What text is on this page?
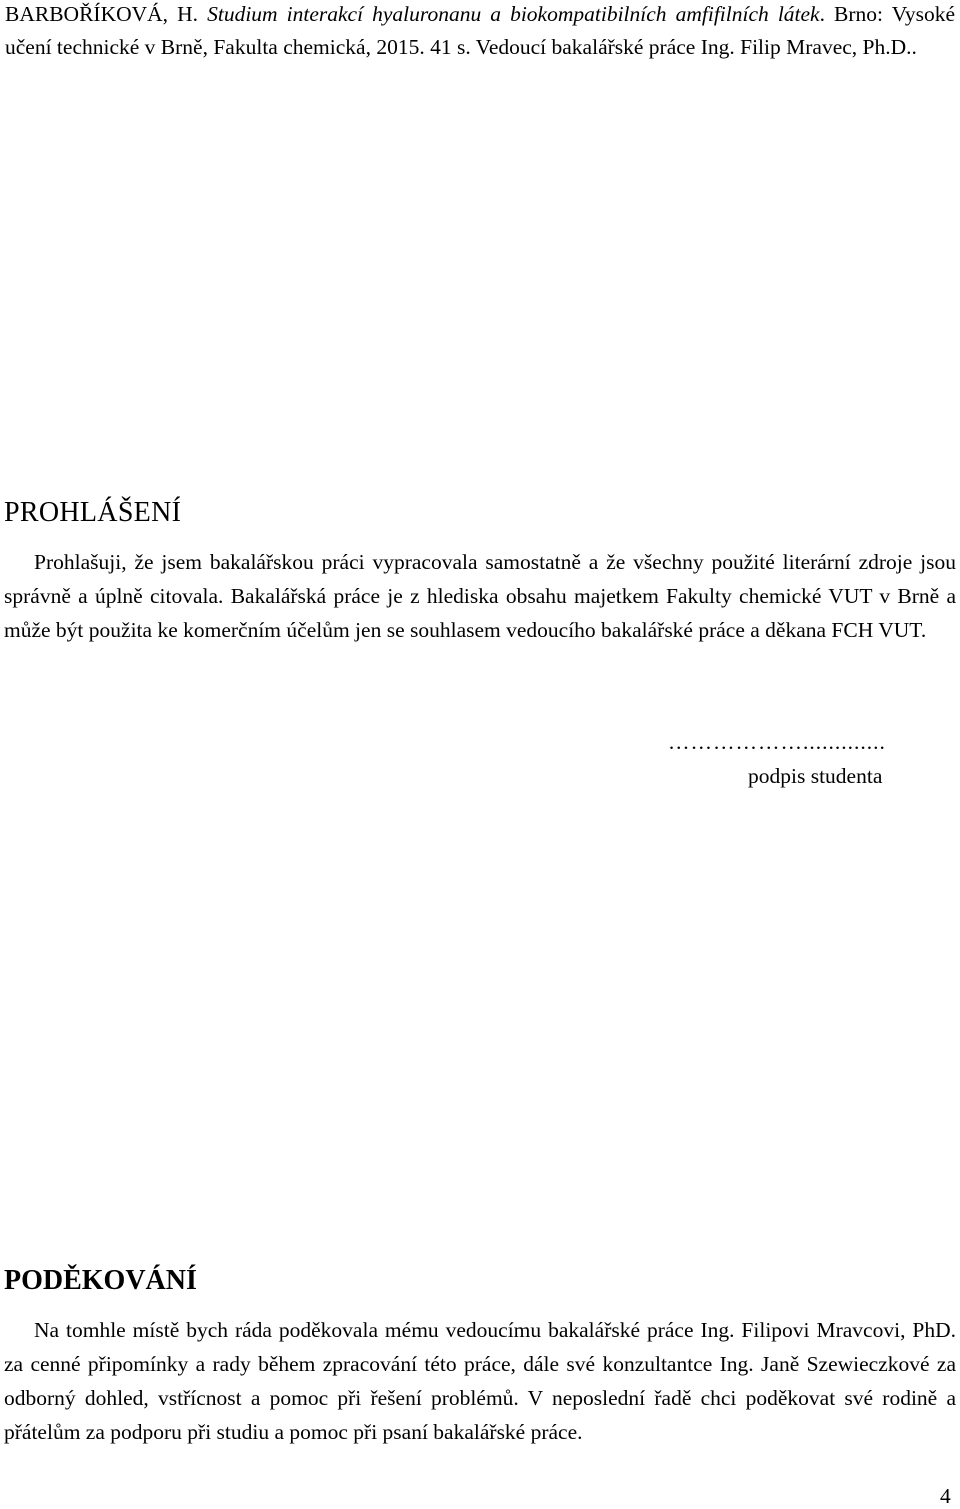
BARBOŘÍKOVÁ, H. Studium interakcí hyaluronanu a biokompatibilních amfifilních látek. Brno: Vysoké učení technické v Brně, Fakulta chemická, 2015. 41 s. Vedoucí bakalářské práce Ing. Filip Mravec, Ph.D..
PROHLÁŠENÍ

Prohlašuji, že jsem bakalářskou práci vypracovala samostatně a že všechny použité literární zdroje jsou správně a úplně citovala. Bakalářská práce je z hlediska obsahu majetkem Fakulty chemické VUT v Brně a může být použita ke komerčním účelům jen se souhlasem vedoucího bakalářské práce a děkana FCH VUT.

……………….............
podpis studenta
PODĚKOVÁNÍ

Na tomhle místě bych ráda poděkovala mému vedoucímu bakalářské práce Ing. Filipovi Mravcovi, PhD. za cenné připomínky a rady během zpracování této práce, dále své konzultantce Ing. Janě Szewieczkové za odborný dohled, vstřícnost a pomoc při řešení problémů. V neposlední řadě chci poděkovat své rodině a přátelům za podporu při studiu a pomoc při psaní bakalářské práce.

4
